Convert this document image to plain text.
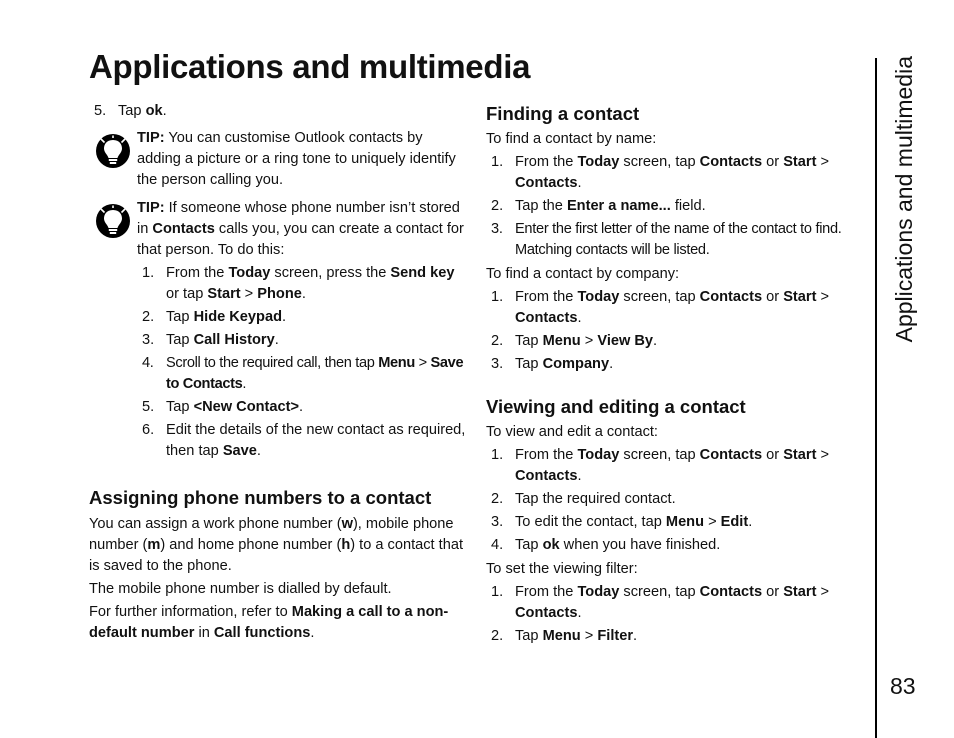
Applications and multimedia	Applications and multimedia
83
5. Tap ok.
TIP: You can customise Outlook contacts by adding a picture or a ring tone to uniquely identify the person calling you.
TIP: If someone whose phone number isn’t stored in Contacts calls you, you can create a contact for that person. To do this:
1. From the Today screen, press the Send key or tap Start > Phone.
2. Tap Hide Keypad.
3. Tap Call History.
4. Scroll to the required call, then tap Menu > Save to Contacts.
5. Tap <New Contact>.
6. Edit the details of the new contact as required, then tap Save.
Assigning phone numbers to a contact

You can assign a work phone number (w), mobile phone number (m) and home phone number (h) to a contact that is saved to the phone.

The mobile phone number is dialled by default.

For further information, refer to Making a call to a non-default number in Call functions.

Finding a contact

To find a contact by name:

1. From the Today screen, tap Contacts or Start > Contacts.
2. Tap the Enter a name... field.
3. Enter the first letter of the name of the contact to find. Matching contacts will be listed.

To find a contact by company:

1. From the Today screen, tap Contacts or Start > Contacts.
2. Tap Menu > View By.
3. Tap Company.
Viewing and editing a contact

To view and edit a contact:

1. From the Today screen, tap Contacts or Start > Contacts.
2. Tap the required contact.
3. To edit the contact, tap Menu > Edit.
4. Tap ok when you have finished.

To set the viewing filter:

1. From the Today screen, tap Contacts or Start > Contacts.
2. Tap Menu > Filter.
